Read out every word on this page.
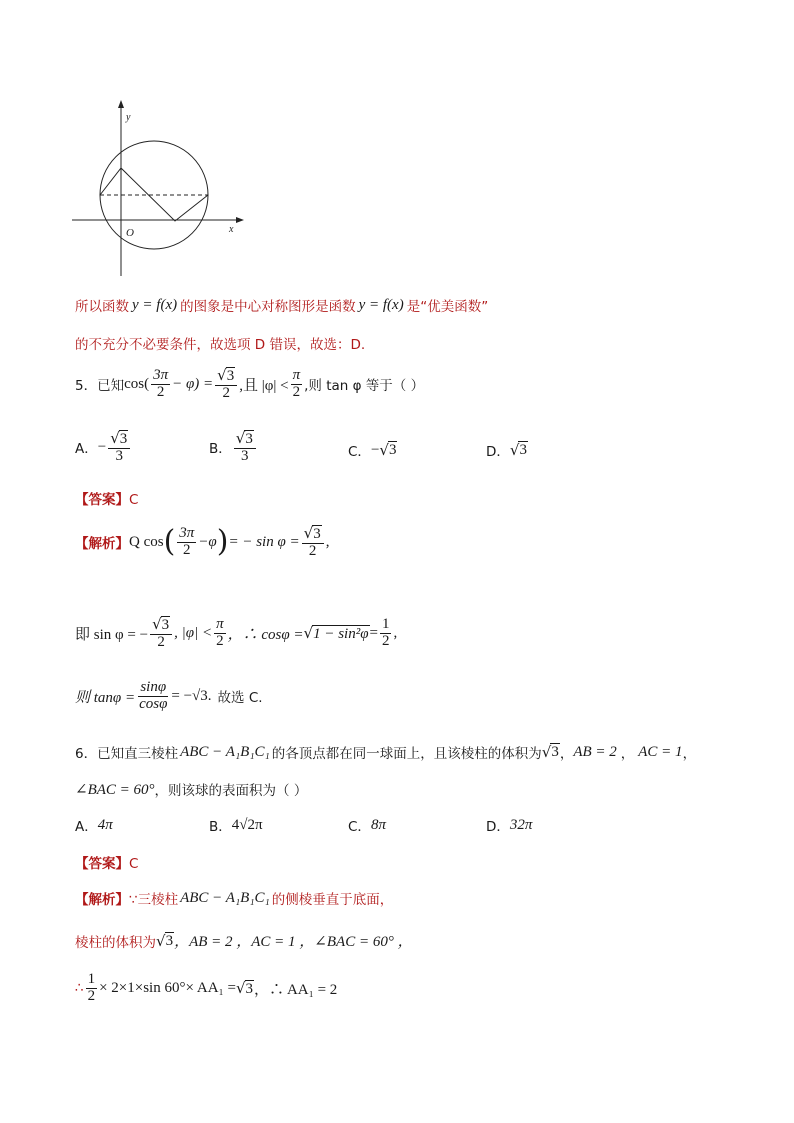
y
x
O
所以函数 y = f(x) 的图象是中心对称图形是函数 y = f(x) 是“优美函数”
的不充分不必要条件，故选项 D 错误，故选：D.
5．已知 $\cos( \frac{3\pi}{2} - \varphi) = \frac{√3}{2}$ ,且 $|\varphi| < \frac{\pi}{2}$ ,则 tan φ 等于（ ）
A． − $\frac{√3}{3}$	B． $\frac{√3}{3}$	C． − √ 3	D． √ 3
【答案】C
【解析】 Q cos ( $\frac{3\pi}{2} -\varphi$ ) = − $\sin \varphi = \frac{√3}{2}$ ,
即 sin φ = − $\frac{√3}{2}$ , $|\varphi| < \frac{\pi}{2}$ ，∴ cosφ = √ $1 - \sin^2\varphi = \frac{1}{2}$ ,
则 $\tan\varphi = \frac{\sin\varphi}{\cos\varphi} = -√3$. 故选 C.
6．已知直三棱柱 ABC − A₁B₁C₁ 的各顶点都在同一球面上，且该棱柱的体积为 √ 3 ， AB = 2 ， AC = 1 ，
∠BAC = 60° ，则该球的表面积为（ ）
A． 4π	B． 4√2π	C． 8π	D． 32π
【答案】C
【解析】 ∵三棱柱 ABC − A₁B₁C₁ 的侧棱垂直于底面，
棱柱的体积为 √ 3 ，AB = 2 ，AC = 1 ，∠BAC = 60° ，
∴ $\frac{1}{2} \times 2\times 1\times\sin$ 60°× AA₁ = √ 3 ，∴ AA₁ = 2
